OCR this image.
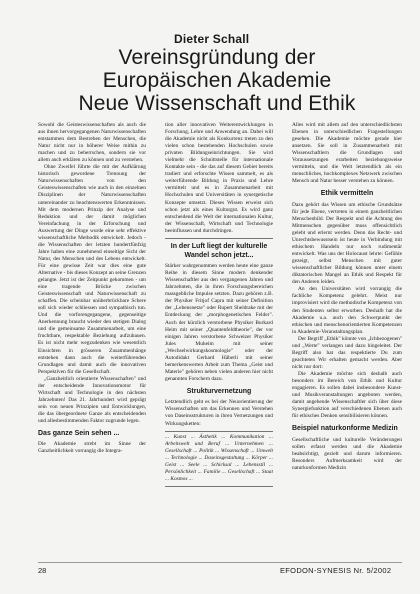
Dieter Schall
Vereinsgründung der
Europäischen Akademie
Neue Wissenschaft und Ethik

Sowohl die Geisteswissenschaften als auch die aus ihnen hervorgegangenen Naturwissenschaften entstammen dem Bestreben der Menschen, die Natur nicht nur in höherer Weise mithin zu machen und zu beherrschen, sondern sie vor allem auch erklären zu können und zu verstehen.

Ohne Zweifel führte die mit der Aufklärung historisch gewordene Trennung der Naturwissenschaften von den Geisteswissenschaften wie auch in den einzelnen Disziplinen der Naturwissenschaften untereinander zu beachtenswerten Erkenntnissen. Mit dem modernen Prinzip der Analyse und Reduktion und der damit möglichen Vereinfachung in der Erforschung und Auswertung der Dinge wurde eine sehr effektive wissenschaftliche Methodik entwickelt. Jedoch - die Wissenschaften der letzten hundertfünfzig Jahre haben eine zunehmend einseitige Sicht der Natur, des Menschen und des Lebens entwickelt. Für eine gewisse Zeit war dies eine gute Alternative - bis dieses Konzept an seine Grenzen gelangte. Jetzt ist der Zeitpunkt gekommen - um eine tragende Brücke zwischen Geisteswissenschaft und Naturwissenschaft zu schaffen. Die scheinbar unüberbrückbare Schere soll sich wieder schliessen und sympathisch tun. Und die vorforengegangene, gegenseitige Anerkennung braucht wieder den stetigen Dialog und die gemeinsame Zusammenarbeit, um eine fruchtbare, respektable Beziehung aufzubauen. Es ist nicht mehr wegzudenken wie wesentlich Einsichten in grösseren Zusammenhänge entstehen dann auch die weiterführenden Grundlagen und damit auch die innovativen Perspektiven für die Gesellschaft.

„Ganzheitlich orientierte Wissenschaften" und der entscheidende Innovationsmotor für Wirtschaft und Technologie in den nächsten Jahrzehnten! Das 21. Jahrhundert wird geprägt sein von neuen Prinzipien und Entwicklungen, die das übergeordnete Ganze als entscheidenden und allesbestimmenden Faktor zugrunde legen.

Das ganze Sein sehen ...

Die Akademie strebt im Sinne der Ganzheitlichkeit vorrangig die Integra-

tion aller innovativen Weiterentwicklungen in Forschung, Lehre und Anwendung an. Dabei will die Akademie nicht als Konkurrenz treten zu den vielen schon bestehenden Hochschulen sowie privaten Bildungseinrichtungen. Sie wird vielmehr die Schnittstelle für internationale Kontakte sein - die das auf diesem Gebiet bereits tradiert und erforschte Wissen sammelt, es als weiterführende Bildung in Praxis und Lehre vermittelt und es in Zusammenarbeit mit Hochschulen und Universitäten in synergetische Konzepte umsetzt. Dieses Wissen erweist sich schon jetzt als eines Kulturgut. Es wird ganz entscheidend die Welt der internationalen Kultur, der Wissenschaft, Wirtschaft und Technologie beeinflussen und durchdringen.

In der Luft liegt der kulturelle Wandel schon jetzt...

Stärker wahrgenommen werden heute eine ganze Reihe in diesem Sinne modern denkender Wissenschaftler aus den vergangenen Jahren und Jahrzehnten, die in ihren Forschungsbereichen massgebliche Impulse setzten. Dazu gehören z.B. der Physiker Fritjof Capra mit seiner Definition der „Lebensnetze" oder Rupert Sheldrake mit der Entdeckung der „morphogenetischen Felder". Auch der kürzlich verstorbene Physiker Burkard Heim mit seiner „Quantenfeldtheorie", der vor einigen Jahren verstorbene Schweizer Physiker Jules Muheim mit seiner „Wechselwirkungskosmologie" oder der Autodidakt Gerhard Häberli mit seiner bemerkenswerten Arbeit zum Thema „Geist und Materie" gehören neben vielen anderen hier nicht genannten Forschern dazu.

Strukturvernetzung

Letztendlich geht es bei der Neuorientierung der Wissenschaften um das Erkennen und Verstehen von Daseinsstrukturen in ihren Vernetzungen und Wirkungsketten:

... Kunst ... Ästhetik ... Kommunikation ... Arbeitswelt und Beruf ... Unternehmen ... Gesellschaft ... Politik ... Wissenschaft ... Umwelt ... Technologie ... Daseinsgestaltung ... Körper ... Geist ... Seele ... Schicksal ... Lebensstil ... Persönlichkeit ... Familie ... Gesellschaft ... Staat ... Kosmos ...

Alles wird mit allem auf den unterschiedlichsten Ebenen in unterschiedlichen Fragestellungen gesehen. Die Akademie möchte gerade hier ansetzen. Sie soll in Zusammenarbeit mit Wissenschaftlern die Grundlagen und Voraussetzungen erarbeiten beziehungsweise vermitteln, und die Welt letztendlich als ein menschliches, hochkomplexes Netzwerk zwischen Mensch und Natur besser verstehen zu können.

Ethik vermitteln

Dazu gehört das Wissen um ethische Grundsätze für jede Ebene, vertreten in einem ganzheitlichen Menschenbild. Der Respekt und die Achtung des Mitmenschen gegenüber muss offensichtlich gelebt und erlernt werden. Denn das Recht- und Unrechtsbewusstsein ist heute in Verbindung mit ethischem Handeln nur noch rudimentär entwickelt. Was uns der Holocaust lehrte: Gefühle gezeigt, selbst Menschen mit guter wissenschaftlicher Bildung können unter einem diktatorischen Mangel an Ethik und Respekt für den Anderen leiden.

An den Universitäten wird vorrangig die fachliche Kompetenz gelehrt. Meist nur improvisiert wird die methodische Kompetenz von den Studenten selbst erworben. Deshalb hat die Akademie u.a. auch den Schwerpunkt der ethischen und menschenorientierten Kompetenzen in Akademie-Veranstaltungsplan.

Der Begriff „Ethik" könnte von „Ichbezogenen" und „Werte" verlangen und dazu hingeleitet. Der Begriff also hat das respektierte Du zum geachteten Wir erhalten gemacht werden. Aber nicht nur dort:

Die Akademie möchte sich deshalb auch besonders im Bereich von Ethik und Kultur engagieren. Es sollen dabei insbesondere Kunst- und Musikveranstaltungen angeboten werden, damit angehende Wissenschaftler sich über diese Synergiefunktion auf verschiedenen Ebenen auch für ethisches Denken sensibilisieren können.

Beispiel naturkonforme Medizin

Gesellschaftliche und kulturelle Veränderungen sollen erfasst werden und die Akademie beabsichtigt, gezielt und darum informieren. Besonders Aufmerksamkeit wird der naturkonformen Medizin

28	EFODON-SYNESIS Nr. 5/2002
